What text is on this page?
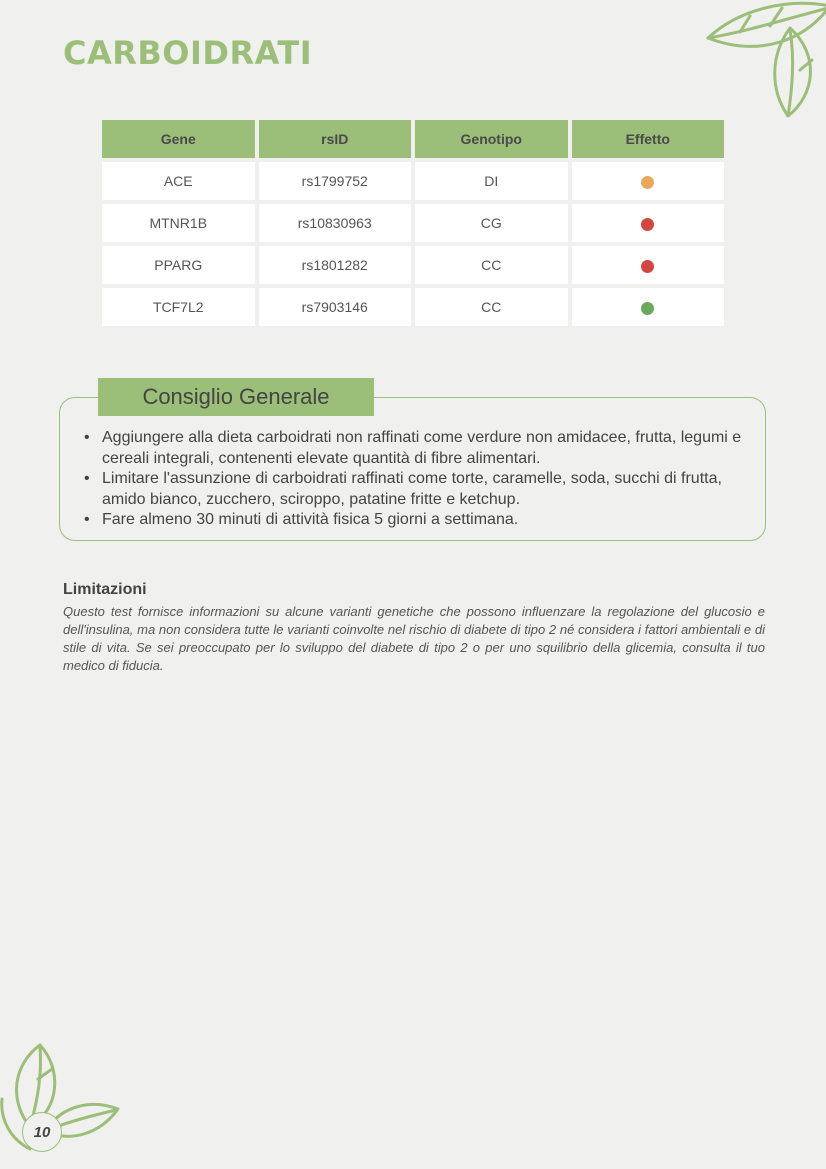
CARBOIDRATI
Gene	rsID	Genotipo	Effetto
ACE	rs1799752	DI	
MTNR1B	rs10830963	CG	
PPARG	rs1801282	CC	
TCF7L2	rs7903146	CC	
Consiglio Generale
• Aggiungere alla dieta carboidrati non raffinati come verdure non amidacee, frutta, legumi e cereali integrali, contenenti elevate quantità di fibre alimentari.
• Limitare l'assunzione di carboidrati raffinati come torte, caramelle, soda, succhi di frutta, amido bianco, zucchero, sciroppo, patatine fritte e ketchup.
• Fare almeno 30 minuti di attività fisica 5 giorni a settimana.
Limitazioni

Questo test fornisce informazioni su alcune varianti genetiche che possono influenzare la regolazione del glucosio e dell'insulina, ma non considera tutte le varianti coinvolte nel rischio di diabete di tipo 2 né considera i fattori ambientali e di stile di vita. Se sei preoccupato per lo sviluppo del diabete di tipo 2 o per uno squilibrio della glicemia, consulta il tuo medico di fiducia.

10
